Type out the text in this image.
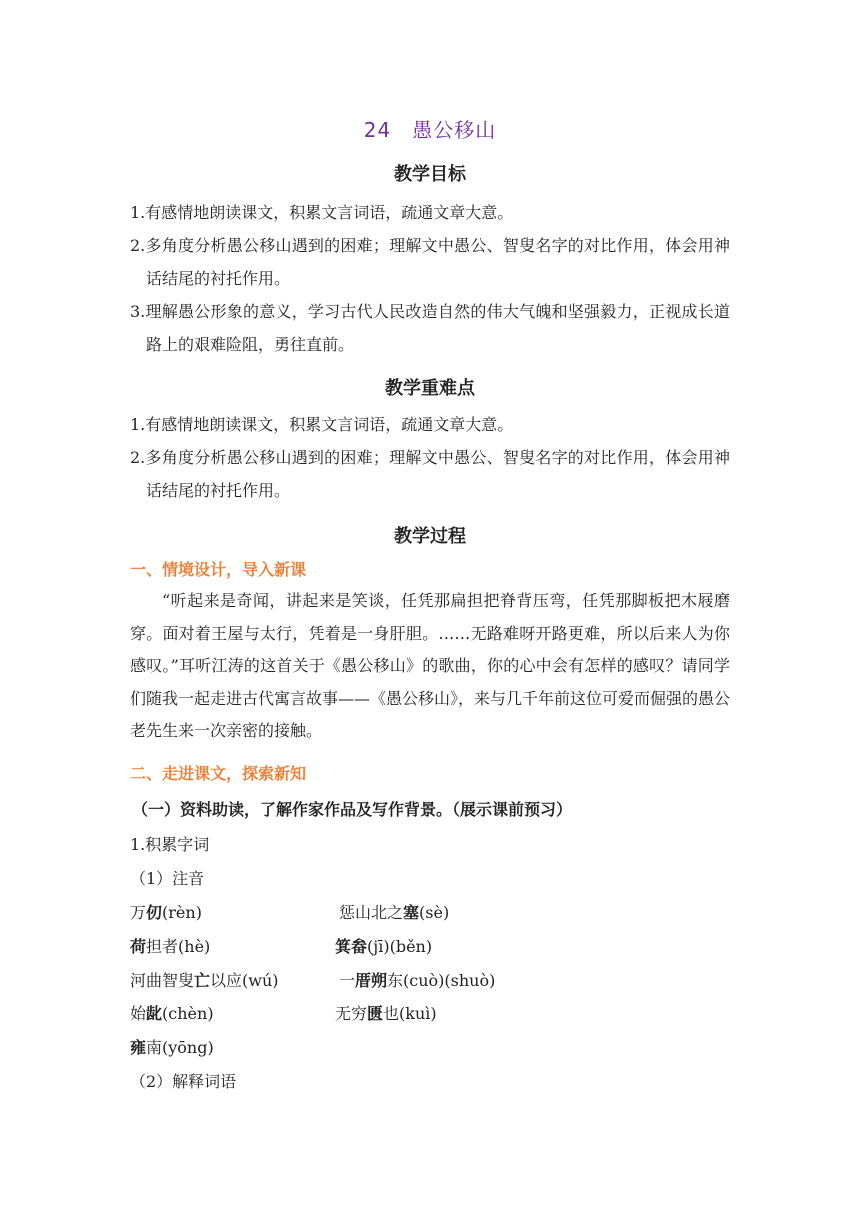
24　愚公移山
教学目标

1.有感情地朗读课文，积累文言词语，疏通文章大意。

2.多角度分析愚公移山遇到的困难；理解文中愚公、智叟名字的对比作用，体会用神话结尾的衬托作用。

3.理解愚公形象的意义，学习古代人民改造自然的伟大气魄和坚强毅力，正视成长道路上的艰难险阻，勇往直前。

教学重难点

1.有感情地朗读课文，积累文言词语，疏通文章大意。

2.多角度分析愚公移山遇到的困难；理解文中愚公、智叟名字的对比作用，体会用神话结尾的衬托作用。

教学过程
一、情境设计，导入新课

“听起来是奇闻，讲起来是笑谈，任凭那扁担把脊背压弯，任凭那脚板把木屐磨穿。面对着王屋与太行，凭着是一身肝胆。……无路难呀开路更难，所以后来人为你感叹。”耳听江涛的这首关于《愚公移山》的歌曲，你的心中会有怎样的感叹？请同学们随我一起走进古代寓言故事——《愚公移山》，来与几千年前这位可爱而倔强的愚公老先生来一次亲密的接触。

二、走进课文，探索新知
（一）资料助读，了解作家作品及写作背景。（展示课前预习）
1.积累字词
（1）注音
万仞(rèn)	惩山北之塞(sè)
荷担者(hè)	箕畚(jī)(běn)
河曲智叟亡以应(wú)	一厝朔东(cuò)(shuò)
始龀(chèn)	无穷匮也(kuì)
雍南(yōng)
（2）解释词语
